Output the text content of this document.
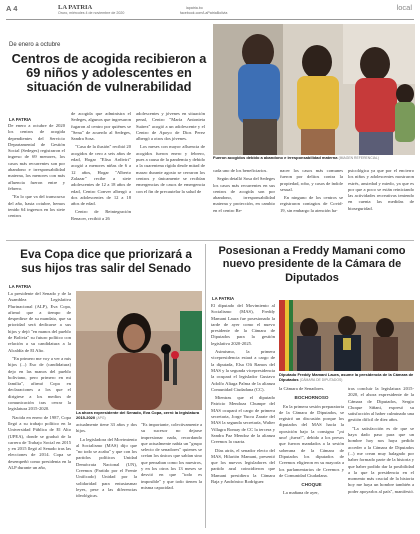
A 4	LA PATRIA
Oruro, miércoles 4 de noviembre de 2020
lapatria.bo
facebook.com/LaPatriaBolivia
local
De enero a octubre
Centros de acogida recibieron a 69 niños y adolescentes en situación de vulnerabilidad
LA PATRIA

De enero a octubre de 2020 los centros de acogida dependientes del Servicio Departamental de Gestión Social (Sedeges) registraron el ingreso de 69 menores, los casos más recurrentes son por abandono e irresponsabilidad materna, los menores con más afluencia fueron entre y febrero.

"En lo que va del transcurso del año, hasta octubre, hemos tenido 64 ingresos en los siete centros

de acogida que administra el Sedeges, algunos que ingresaron fugaron al centro por quiénes se "Sena" de acuerdo al Sedeges, Sandra Sosa.

"Casa de la ilusión" recibió 20 acogidos de cero a seis años de edad, Hogar "Elisa Ardiviri" acogió a menores niñas de 6 a 12 años, Hogar "Alberto Zalazar" recibe a siete adolescentes de 12 a 18 años de edad, Centro Conver albergó a dos adolescentes de 12 a 18 años de edad.

Centro de Reintegración Renacer, recibió a 26

adolescentes y jóvenes en situación penal, Centro "María Antonieta Suárez" acogió a un adolescente y el Centro de Apoyo de Dios Perez albergó a otros dos jóvenes.

Los meses con mayor afluencia de acogidos fueron enero y febrero, pues a causa de la pandemia y debido a la cuarentena rígida desde mitad de marzo durante agosto se cerraron los centros y únicamente se recibían emergencias de casos de emergencia con el fin de precautelar la salud de

Fueron acogidos debido a abandono e irresponsabilidad materna (IMAGEN REFERENCIAL)

cada uno de los beneficiarios.

Según detalló Sosa del Sedeges los casos más recurrentes en sus centros de acogida son por abandono, irresponsabilidad materna y protección, en cambio en el centro Re-

nacer los casos más comunes fueron por delitos contra la propiedad, robo, y casos de índole sexual.

En ninguno de los centros se registraron contagios de Covid-19, sin embargo la atención ha-

psicológica ya que por el encierro los niños y adolescentes mostraron estrés, ansiedad y miedo, ya que es por que a poco se están reiniciando las actividades recreativas teniendo en cuenta las medidas de bioseguridad.

Eva Copa dice que priorizará a sus hijos tras salir del Senado
LA PATRIA

La presidente del Senado y de la Asamblea Legislativa Plurinacional (ALP), Eva Copa, afirmó que a tiempo de despedirse de su mandato, que su prioridad será dedicarse a sus hijos y dejó "en manos del pueblo de Bolivia" su futuro político con relación a su candidatura a la Alcaldía de El Alto.

"En primero me voy a ver a mis hijos (...) Eso de (candidatura) dejo en las manos del pueblo boliviano, pero primero en mi familia", afirmó Copa en declaraciones a los que el dirigiese a los medios de comunicación tras cerrar la legislatura 2015-2020.

Nacida en enero de 1987, Copa llegó a su trabajo político en la Universidad Pública de El Alto (UPEA), donde se graduó de la carrera de Trabajo Social en 2015 y en 2015 llegó al Senado tras las elecciones de 2014. Copa se desempeñó como presidenta en la ALP durante un año,

La ahora expresidente del Senado, Eva Copa, cerró la legislatura 2015-2020 (APG)

actualmente tiene 33 años y dos hijos.

La legisladora del Movimiento al Socialismo (MAS) dijo que "no todo se acaba" y que con los partidos políticos Unidad Demócrata Nacional (UN), Creemos (Partido por el Frente Unificado) Unidad por la solidaridad para entusiasmar leyes, pese a las diferencias ideológicas.

"Es importante, colectivamente a su sucesor no dejarse impresionar nada, recordando que actualmente nabía un "grupo selecto de senadores" quienes se creían los únicos que sabían sino que pensaban como los nuestros, y en los otros los 13 meses se desvió en que "todo es imposible" y que todo tienen la misma capacidad.

Posesionan a Freddy Mamani como nuevo presidente de la Cámara de Diputados
LA PATRIA

El diputado del Movimiento al Socialismo (MAS), Freddy Mamani Laura fue posesionado la tarde de ayer como el nuevo presidente de la Cámara de Diputados para la gestión legislativa 2020-2025.

Asimismo, la primera vicepresidencia estará a cargo de la diputada, Elsa Oli Ramos del MAS y la segunda vicepresidencia la ocupará el legislador Gustavo Adolfo Aliaga Palma de la alianza Comunidad Ciudadana (CC).

Mientras que el diputado Patricio Mendoza Chumpe del MAS ocupará el cargo de primera secretaria, Jorge Yucra Zarate del MAS la segunda secretaría, Walter Villagra Romay de CC la tercera y Sandra Paz Mendoz de la alianza Creemos la cuarta.

Días atrás, el senador electo del MAS, Hilarión Mamani, presentó que los nuevos legisladores del partido azul coincidieron que Mamani presidiera la Cámara Baja y Andrónico Rodríguez

Diputado Freddy Mamani Laura, asume la presidencia de la Cámara de Diputados (CÁMARA DE DIPUTADOS)

la Cámara de Senadores.

BOCHORNOSO

En la primera sesión preparatoria de la Cámara de Diputados, se registró un discusión porque los diputados del MAS hacía la oposición bajo la consigna "¡ni uno! ¡fuera!", debido a los presos que fueron mandados a la sesión soberana de la Cámara de Diputados los diputados de Creemos eligieron en su mayoría a los parlamentarios de Creemos y de Comunidad Ciudadana.

CHOQUE

La mañana de ayer,

tras concluir la legislatura 2015-2020, el ahora expresidente de la Cámara de Diputados, Sergio Choque Siñani, expresó su satisfacción al haber culminado una gestión difícil de diez años.

"La satisfacción es de que se haya dado paso para que un hombre hoy nos haya pedido acceder a la Cámara de Diputados (...) me crean muy halagado por haber formado parte de la historia y que haber podido dar la posibilidad a la que la presidencia en el momento más crucial de la historia hoy me haya un hombre también a poder apoyarlos al país", manifestó.
